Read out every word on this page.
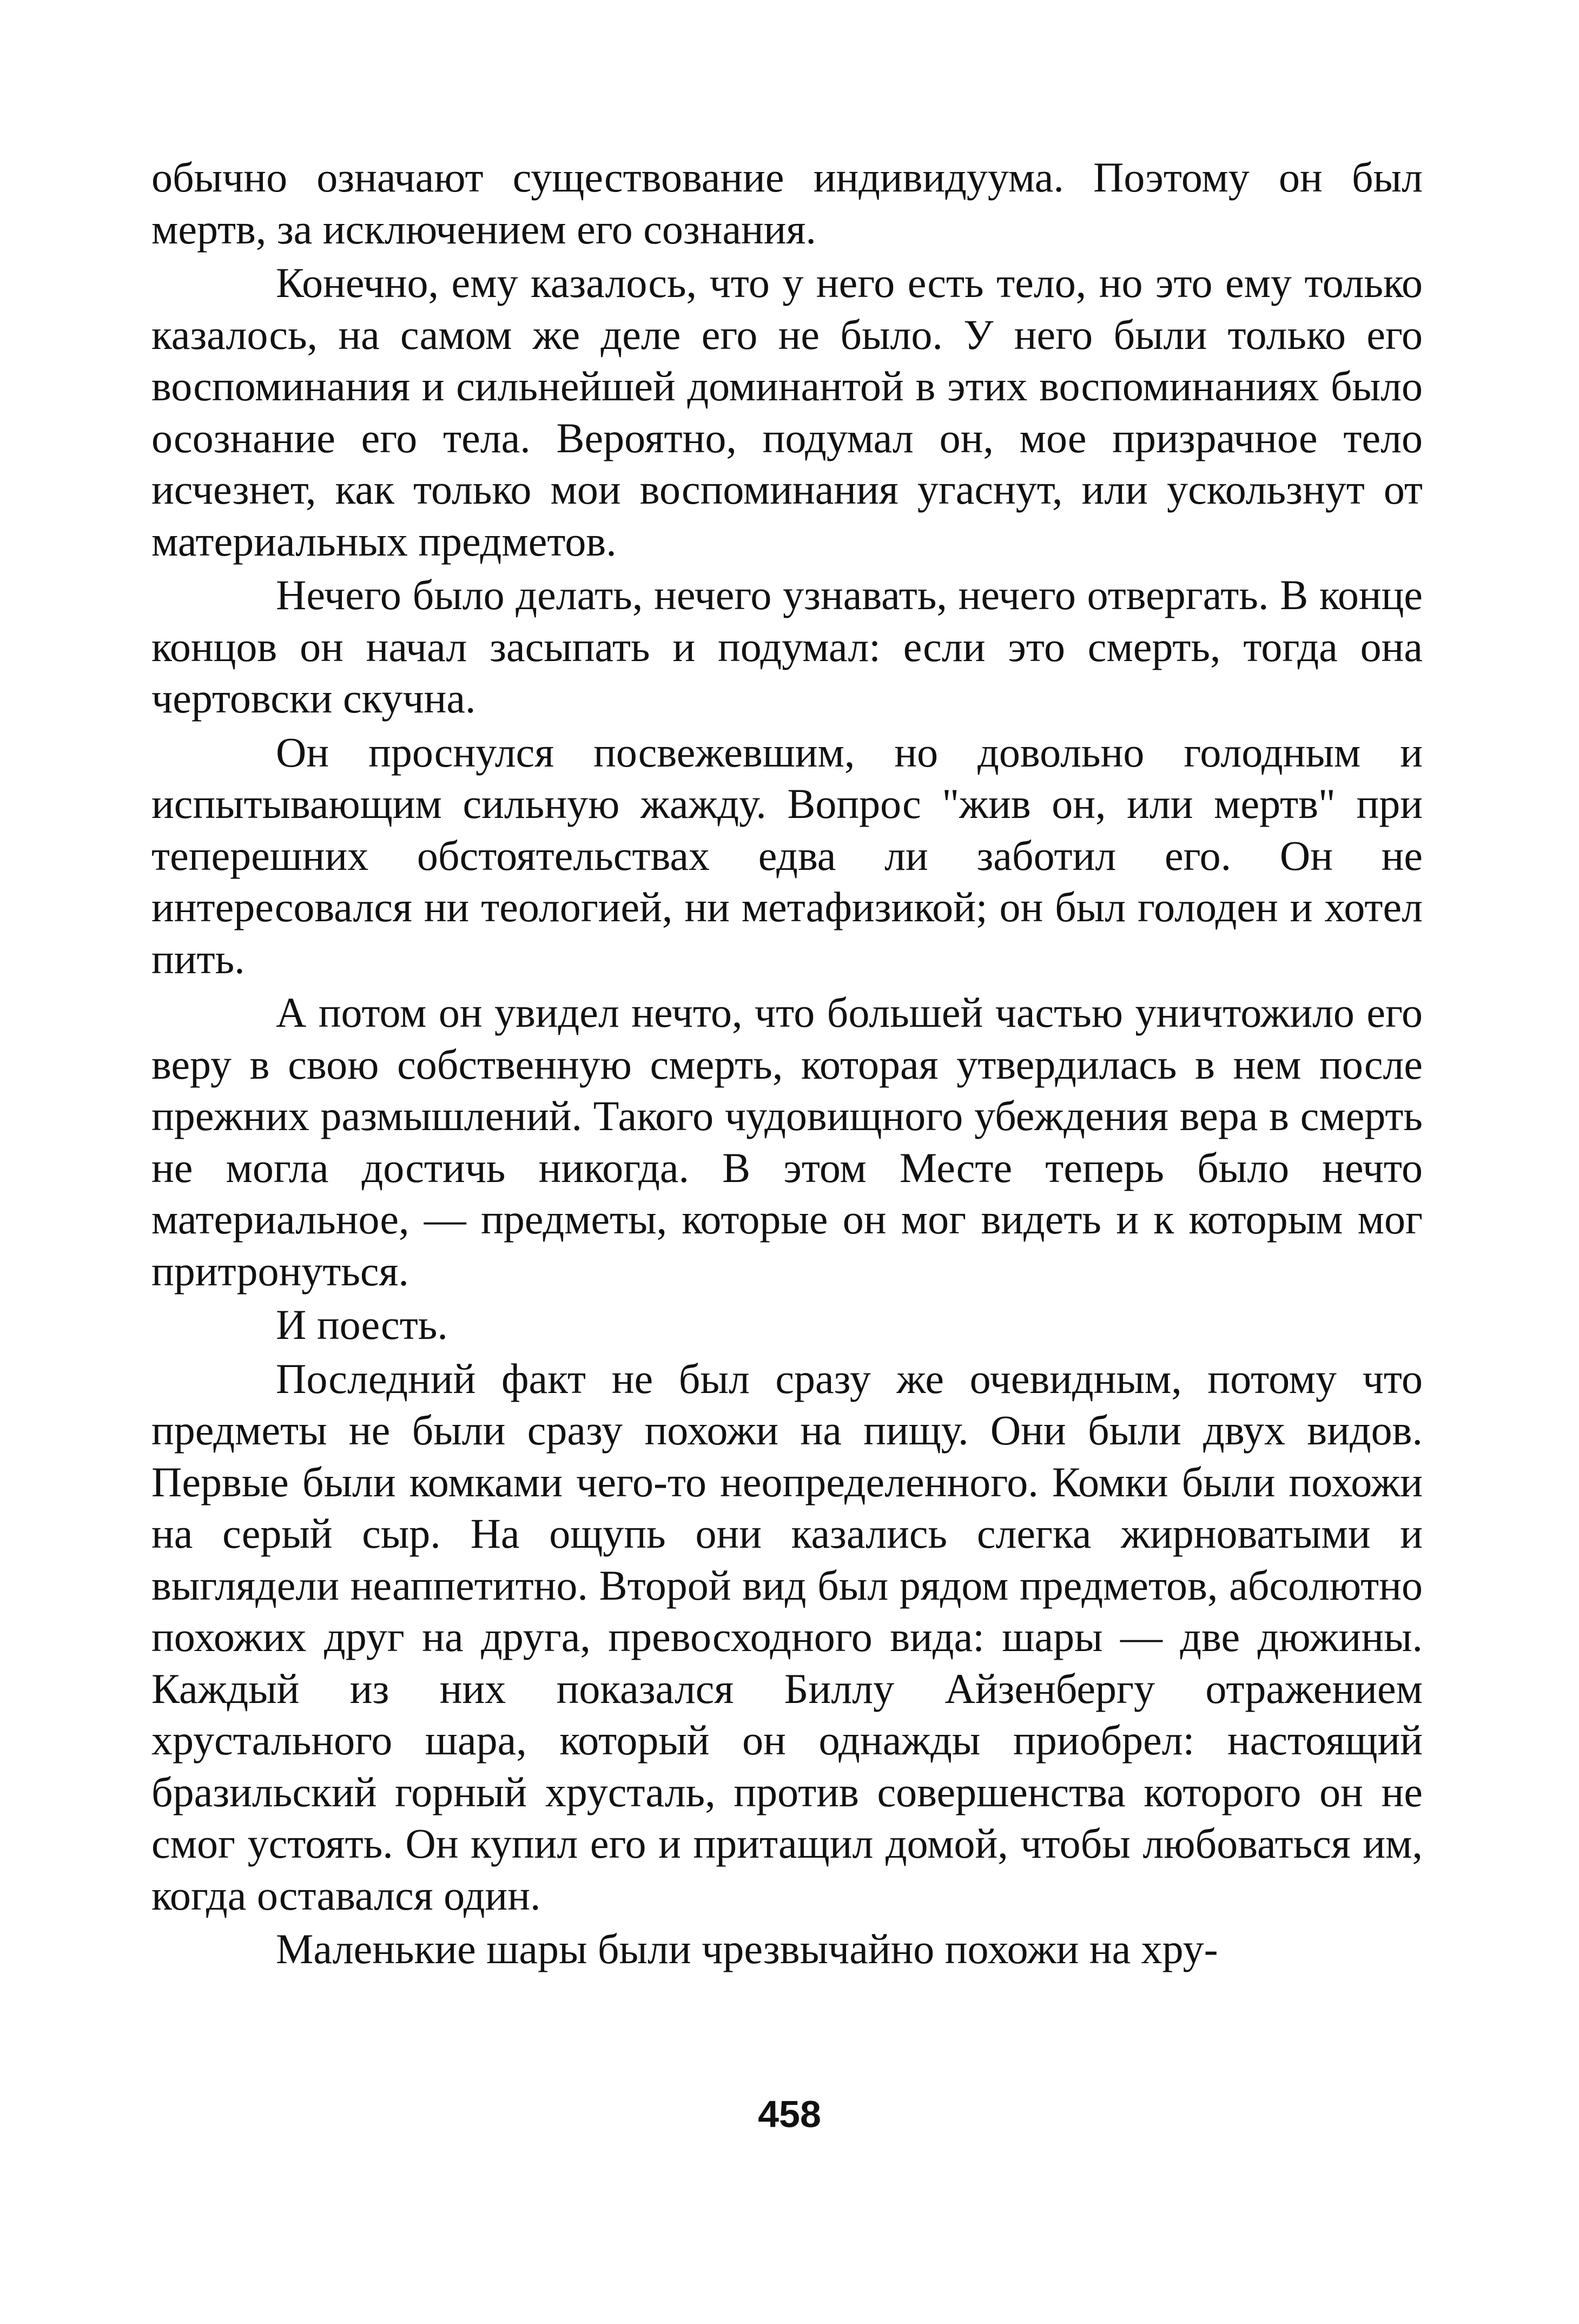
обычно означают существование индивидуума. Поэтому он был мертв, за исключением его сознания.

Конечно, ему казалось, что у него есть тело, но это ему только казалось, на самом же деле его не было. У него были только его воспоминания и сильнейшей доминантой в этих воспоминаниях было осознание его тела. Вероятно, подумал он, мое призрачное тело исчезнет, как только мои воспоминания угаснут, или ускользнут от материальных предметов.

Нечего было делать, нечего узнавать, нечего отвергать. В конце концов он начал засыпать и подумал: если это смерть, тогда она чертовски скучна.

Он проснулся посвежевшим, но довольно голодным и испытывающим сильную жажду. Вопрос "жив он, или мертв" при теперешних обстоятельствах едва ли заботил его. Он не интересовался ни теологией, ни метафизикой; он был голоден и хотел пить.

А потом он увидел нечто, что большей частью уничтожило его веру в свою собственную смерть, которая утвердилась в нем после прежних размышлений. Такого чудовищного убеждения вера в смерть не могла достичь никогда. В этом Месте теперь было нечто материальное, — предметы, которые он мог видеть и к которым мог притронуться.

И поесть.

Последний факт не был сразу же очевидным, потому что предметы не были сразу похожи на пищу. Они были двух видов. Первые были комками чего-то неопределенного. Комки были похожи на серый сыр. На ощупь они казались слегка жирноватыми и выглядели неаппетитно. Второй вид был рядом предметов, абсолютно похожих друг на друга, превосходного вида: шары — две дюжины. Каждый из них показался Биллу Айзенбергу отражением хрустального шара, который он однажды приобрел: настоящий бразильский горный хрусталь, против совершенства которого он не смог устоять. Он купил его и притащил домой, чтобы любоваться им, когда оставался один.

Маленькие шары были чрезвычайно похожи на хру-

458
